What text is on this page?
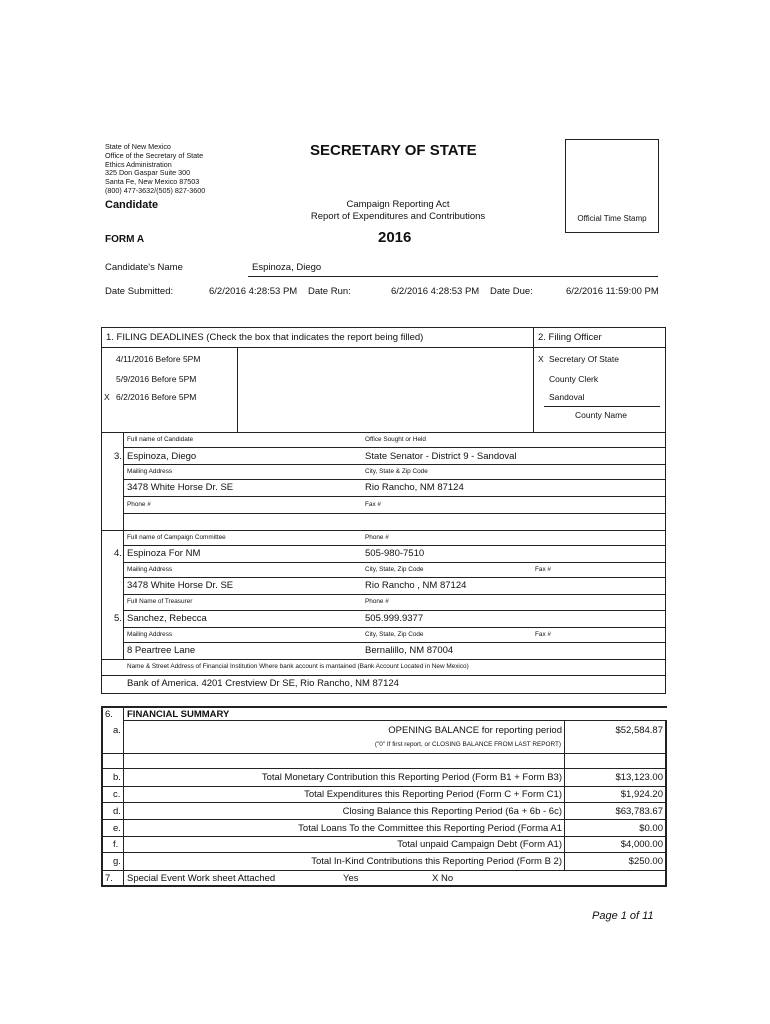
State of New Mexico
Office of the Secretary of State
Ethics Administration
325 Don Gaspar Suite 300
Santa Fe, New Mexico 87503
(800) 477-3632/(505) 827-3600
SECRETARY OF STATE
Candidate	Campaign Reporting Act
Report of Expenditures and Contributions
FORM A	2016
Official Time Stamp
Candidate's Name	Espinoza, Diego
Date Submitted:	6/2/2016 4:28:53 PM Date Run:	6/2/2016 4:28:53 PM Date Due:	6/2/2016 11:59:00 PM
1. FILING DEADLINES (Check the box that indicates the report being filled)	2. Filing Officer
4/11/2016 Before 5PM
5/9/2016 Before 5PM
X 6/2/2016 Before 5PM
X Secretary Of State
County Clerk
Sandoval
County Name
Full name of Candidate	Office Sought or Held
3. Espinoza, Diego	State Senator - District 9 - Sandoval
Mailing Address	City, State & Zip Code
3478 White Horse Dr. SE	Rio Rancho, NM 87124
Phone #	Fax #
Full name of Campaign Committee	Phone #
4. Espinoza For NM	505-980-7510
Mailing Address	City, State, Zip Code	Fax #
3478 White Horse Dr. SE	Rio Rancho , NM 87124
Full Name of Treasurer	Phone #
5. Sanchez, Rebecca	505.999.9377
Mailing Address	City, State, Zip Code	Fax #
8 Peartree Lane	Bernalillo, NM 87004
Name & Street Address of Financial Institution Where bank account is mantained (Bank Account Located in New Mexico)
Bank of America. 4201 Crestview Dr SE, Rio Rancho, NM 87124
6. FINANCIAL SUMMARY
a.	OPENING BALANCE for reporting period	$52,584.87
("0" If first report, or CLOSING BALANCE FROM LAST REPORT)
b.	Total Monetary Contribution this Reporting Period (Form B1 + Form B3)	$13,123.00
c.	Total Expenditures this Reporting Period (Form C + Form C1)	$1,924.20
d.	Closing Balance this Reporting Period (6a + 6b - 6c)	$63,783.67
e.	Total Loans To the Committee this Reporting Period (Forma A1	$0.00
f.	Total unpaid Campaign Debt (Form A1)	$4,000.00
g.	Total In-Kind Contributions this Reporting Period (Form B 2)	$250.00
7. Special Event Work sheet Attached	Yes	X No
Page 1 of 11
